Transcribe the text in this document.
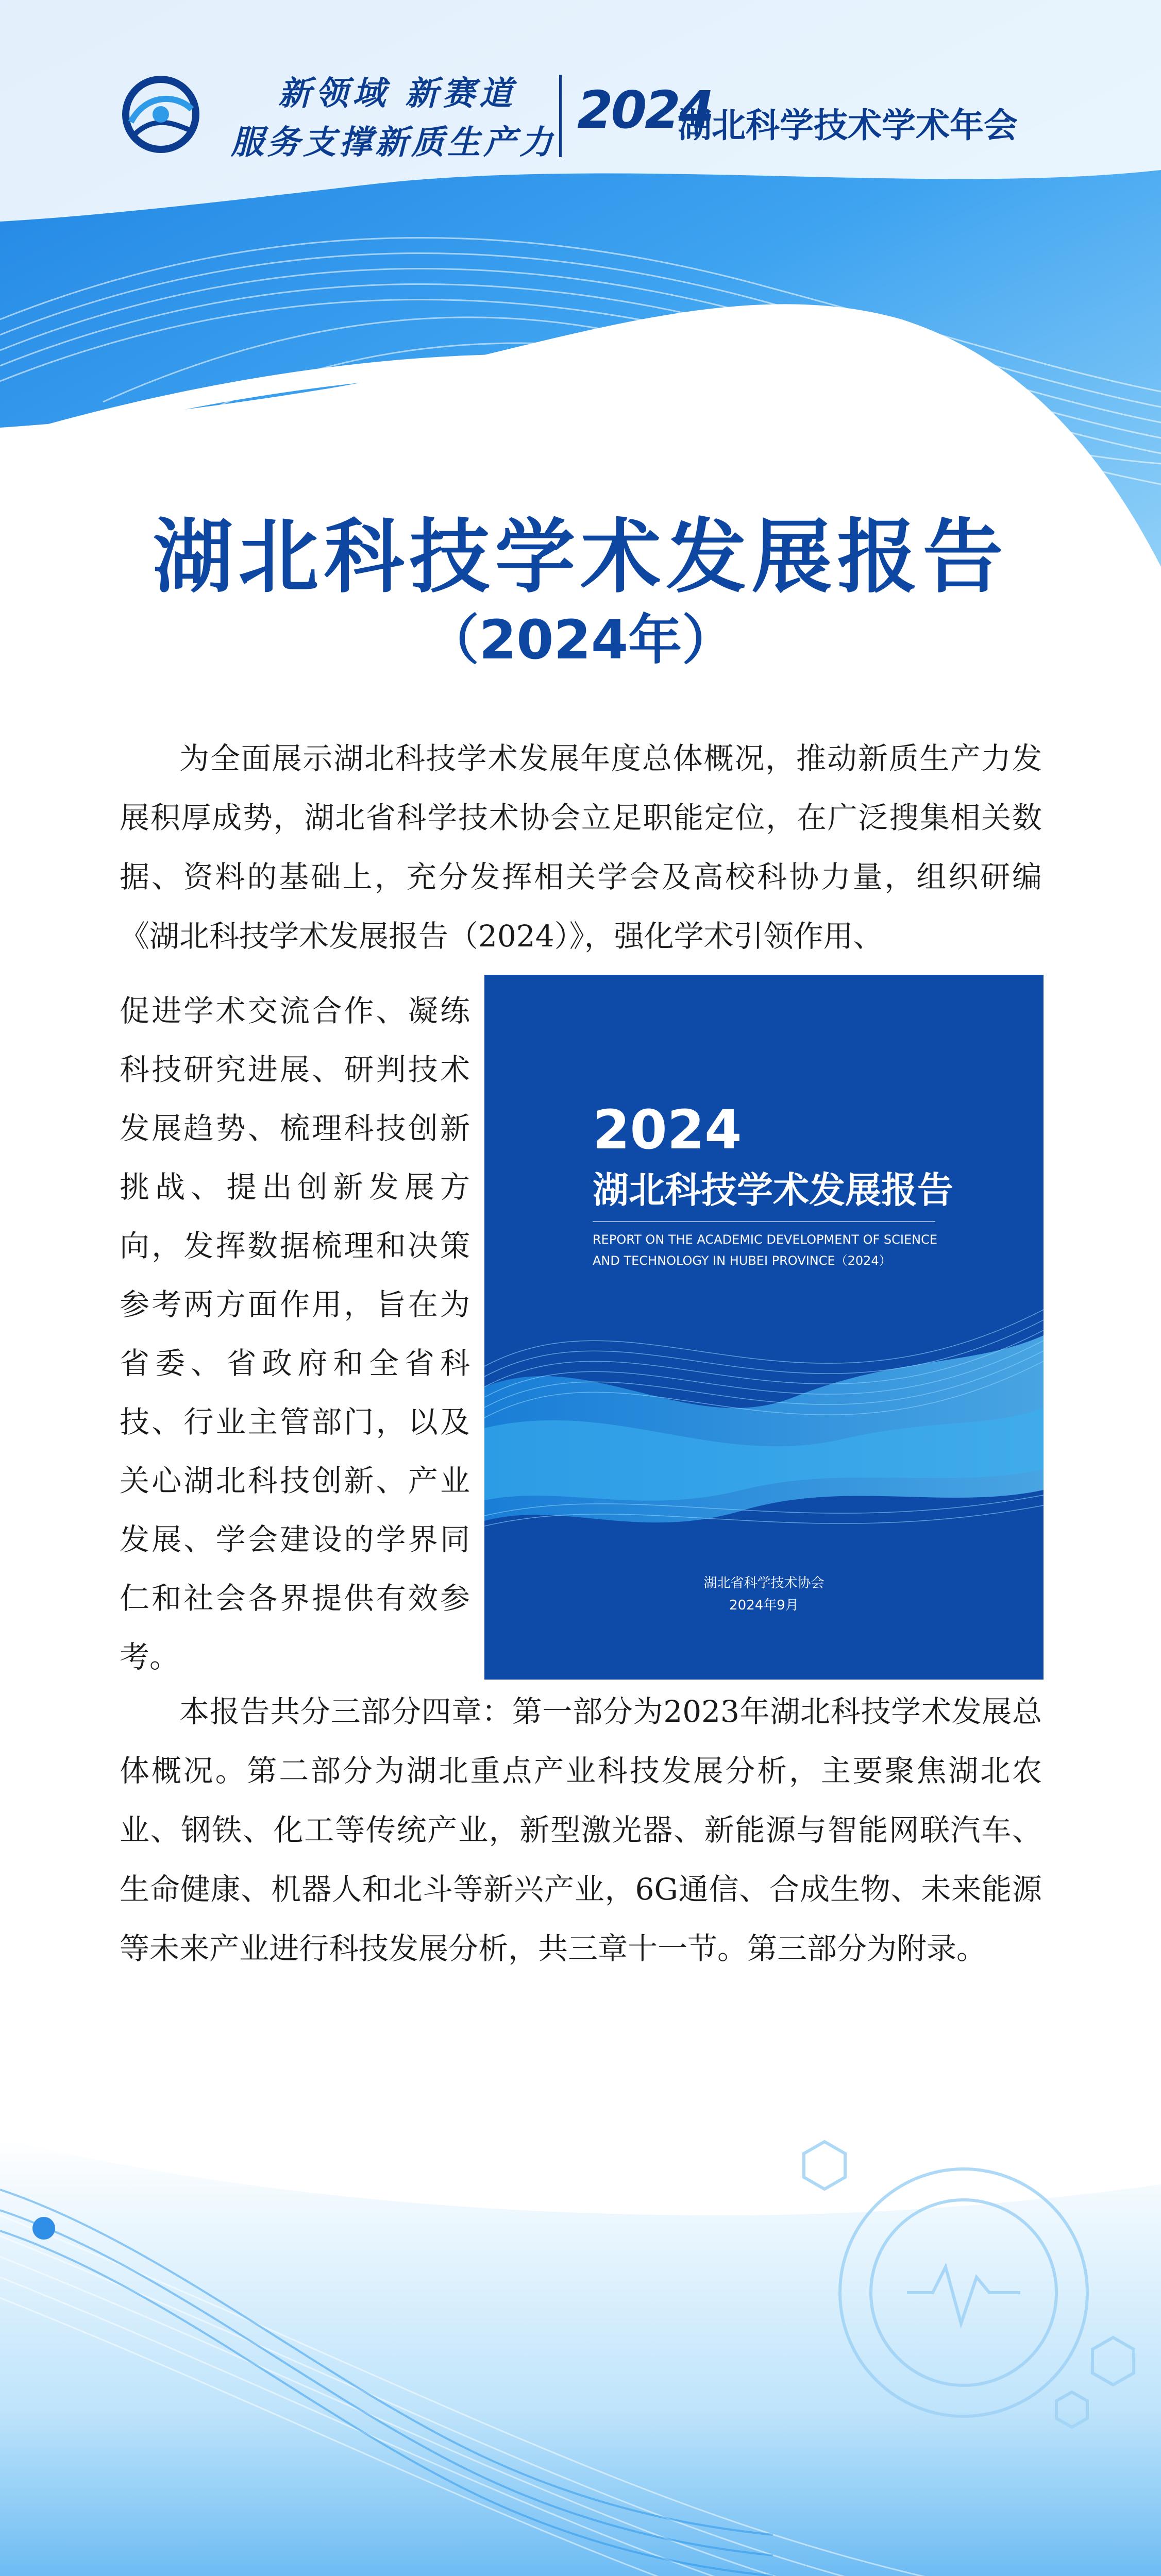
新领域 新赛道
服务支撑新质生产力
2024
湖北科学技术学术年会
湖北科技学术发展报告
（2024年）
为全面展示湖北科技学术发展年度总体概况，推动新质生产力发展积厚成势，湖北省科学技术协会立足职能定位，在广泛搜集相关数据、资料的基础上，充分发挥相关学会及高校科协力量，组织研编《湖北科技学术发展报告（2024）》，强化学术引领作用、
促进学术交流合作、凝练科技研究进展、研判技术发展趋势、梳理科技创新挑战、提出创新发展方向，发挥数据梳理和决策参考两方面作用，旨在为省委、省政府和全省科技、行业主管部门，以及关心湖北科技创新、产业发展、学会建设的学界同仁和社会各界提供有效参考。
2024
湖北科技学术发展报告
REPORT ON THE ACADEMIC DEVELOPMENT OF SCIENCE
AND TECHNOLOGY IN HUBEI PROVINCE（2024）
湖北省科学技术协会
2024年9月
本报告共分三部分四章：第一部分为2023年湖北科技学术发展总体概况。第二部分为湖北重点产业科技发展分析，主要聚焦湖北农业、钢铁、化工等传统产业，新型激光器、新能源与智能网联汽车、生命健康、机器人和北斗等新兴产业，6G通信、合成生物、未来能源等未来产业进行科技发展分析，共三章十一节。第三部分为附录。
